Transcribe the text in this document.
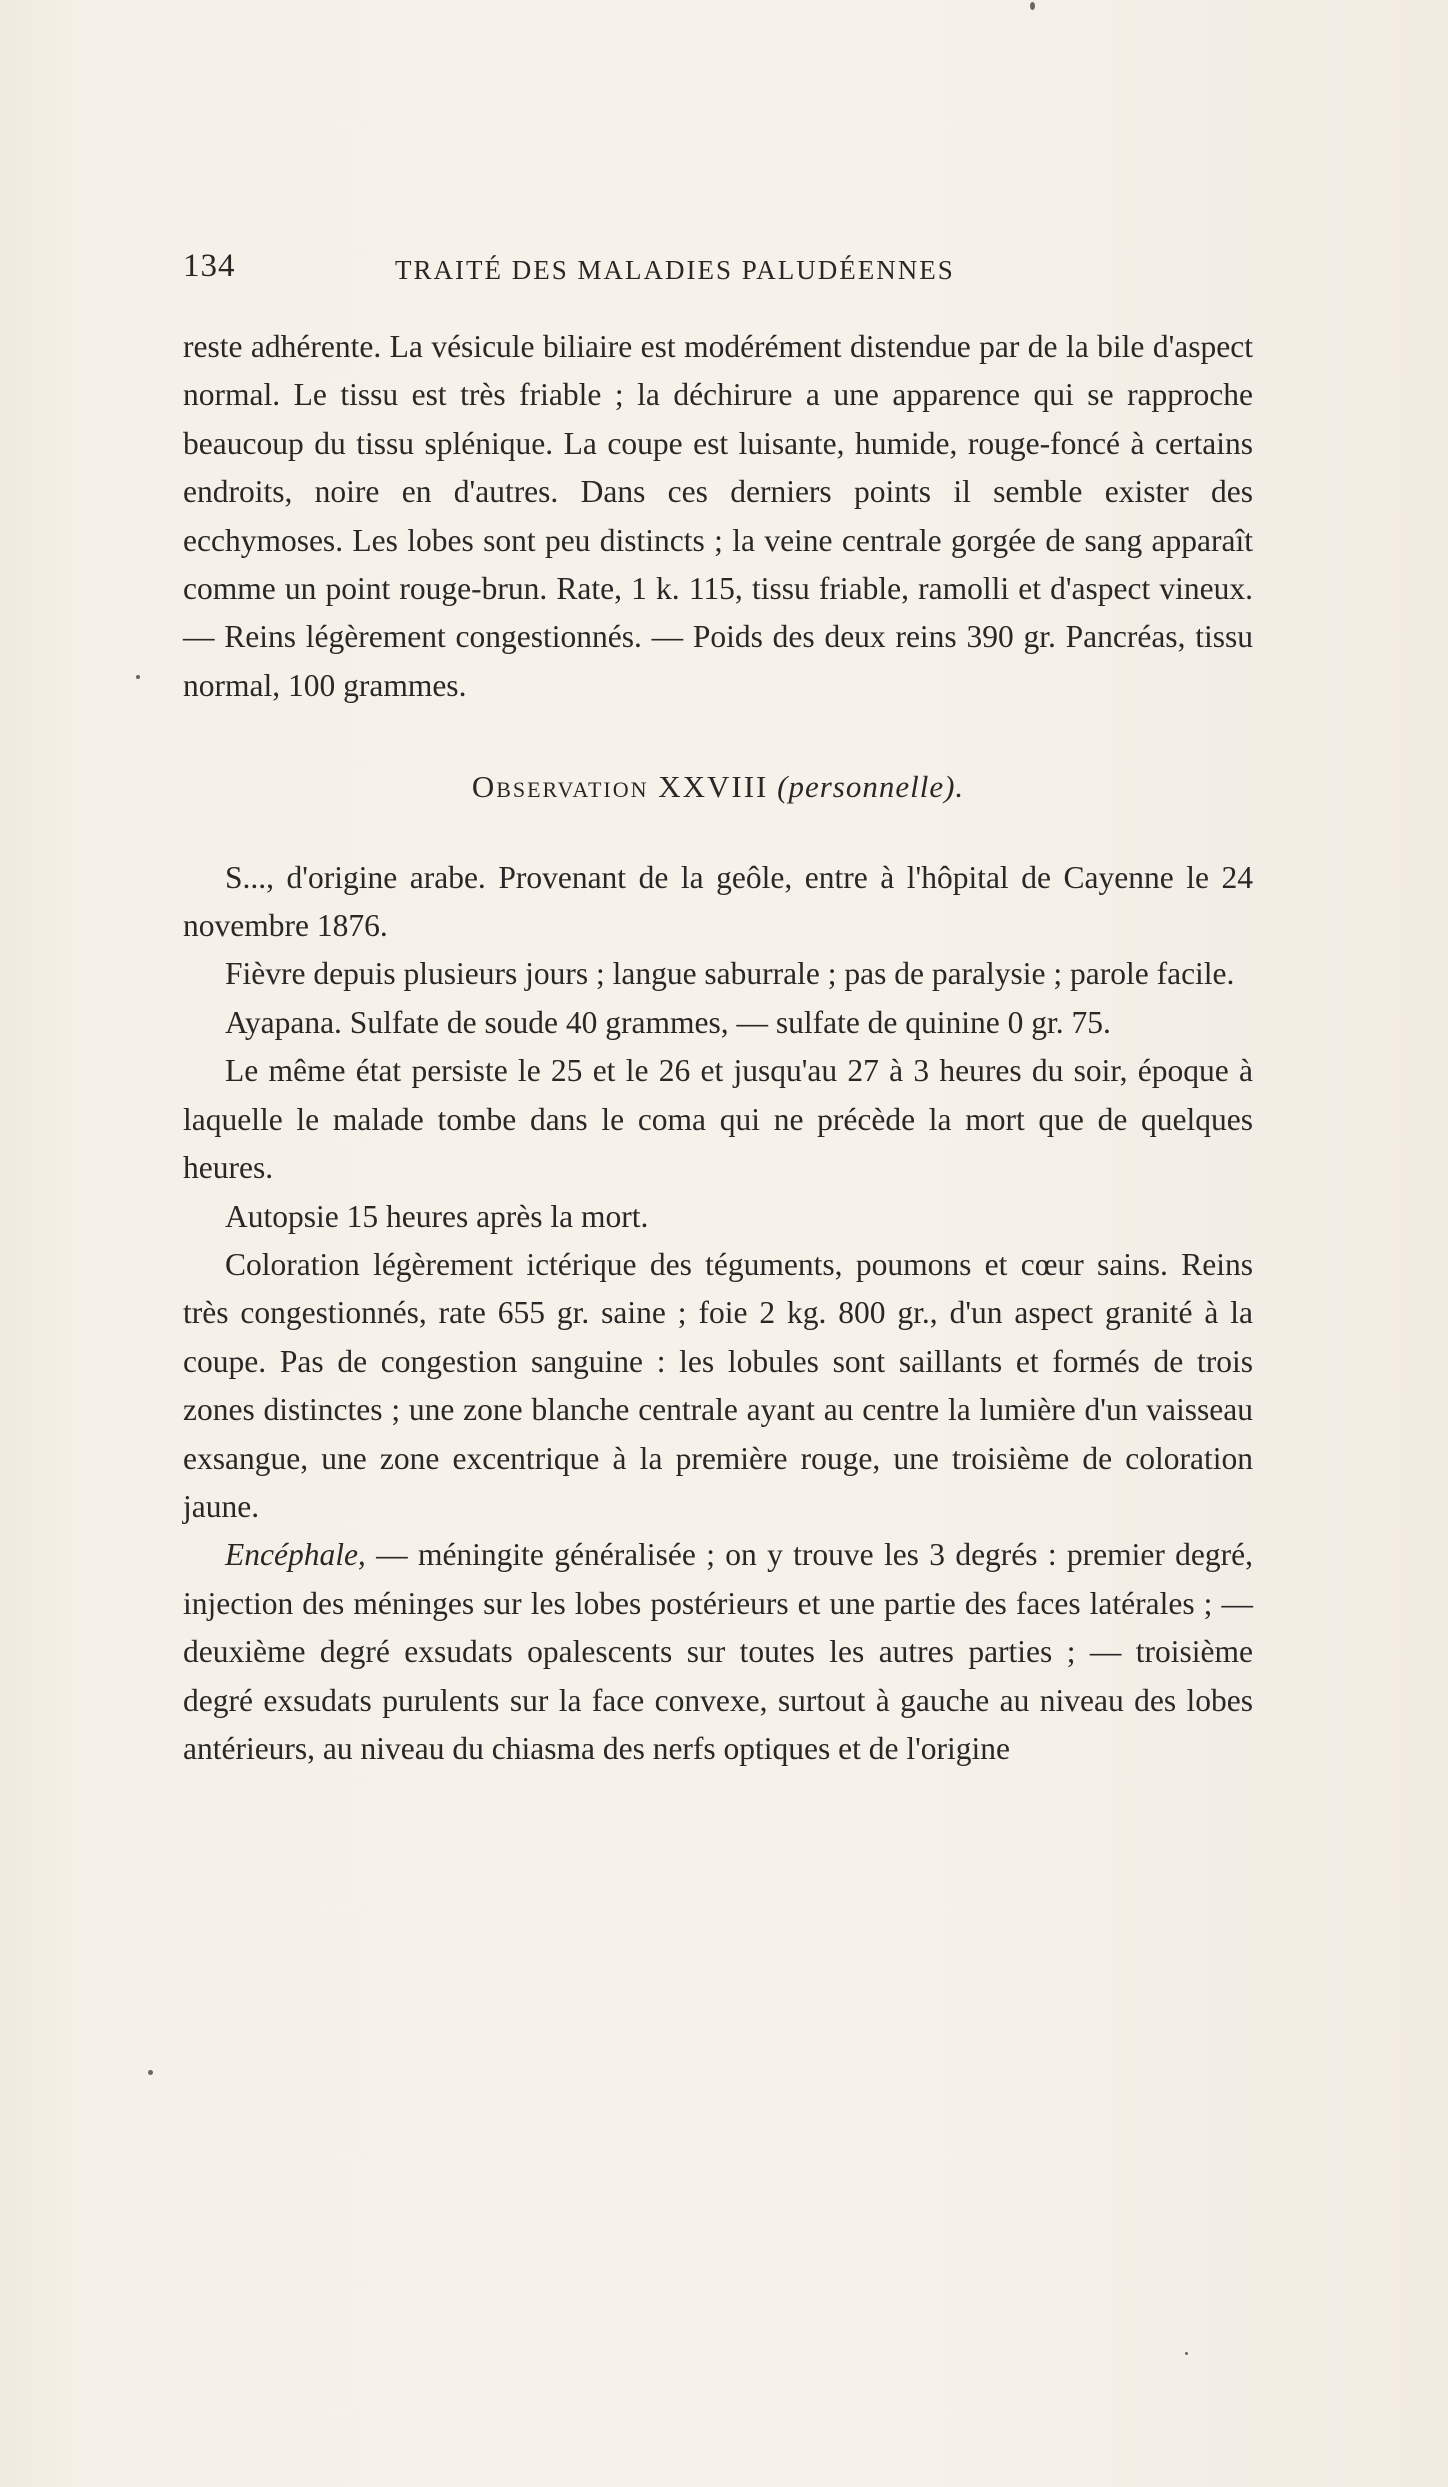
134	TRAITÉ DES MALADIES PALUDÉENNES

reste adhérente. La vésicule biliaire est modérément distendue par de la bile d'aspect normal. Le tissu est très friable ; la déchirure a une apparence qui se rapproche beaucoup du tissu splénique. La coupe est luisante, humide, rouge-foncé à certains endroits, noire en d'autres. Dans ces derniers points il semble exister des ecchymoses. Les lobes sont peu distincts ; la veine centrale gorgée de sang apparaît comme un point rouge-brun. Rate, 1 k. 115, tissu friable, ramolli et d'aspect vineux. — Reins légèrement congestionnés. — Poids des deux reins 390 gr. Pancréas, tissu normal, 100 grammes.

Observation XXVIII (personnelle).

S..., d'origine arabe. Provenant de la geôle, entre à l'hôpital de Cayenne le 24 novembre 1876.

Fièvre depuis plusieurs jours ; langue saburrale ; pas de paralysie ; parole facile.

Ayapana. Sulfate de soude 40 grammes, — sulfate de quinine 0 gr. 75.

Le même état persiste le 25 et le 26 et jusqu'au 27 à 3 heures du soir, époque à laquelle le malade tombe dans le coma qui ne précède la mort que de quelques heures.

Autopsie 15 heures après la mort.

Coloration légèrement ictérique des téguments, poumons et cœur sains. Reins très congestionnés, rate 655 gr. saine ; foie 2 kg. 800 gr., d'un aspect granité à la coupe. Pas de congestion sanguine : les lobules sont saillants et formés de trois zones distinctes ; une zone blanche centrale ayant au centre la lumière d'un vaisseau exsangue, une zone excentrique à la première rouge, une troisième de coloration jaune.

Encéphale, — méningite généralisée ; on y trouve les 3 degrés : premier degré, injection des méninges sur les lobes postérieurs et une partie des faces latérales ; — deuxième degré exsudats opalescents sur toutes les autres parties ; — troisième degré exsudats purulents sur la face convexe, surtout à gauche au niveau des lobes antérieurs, au niveau du chiasma des nerfs optiques et de l'origine
